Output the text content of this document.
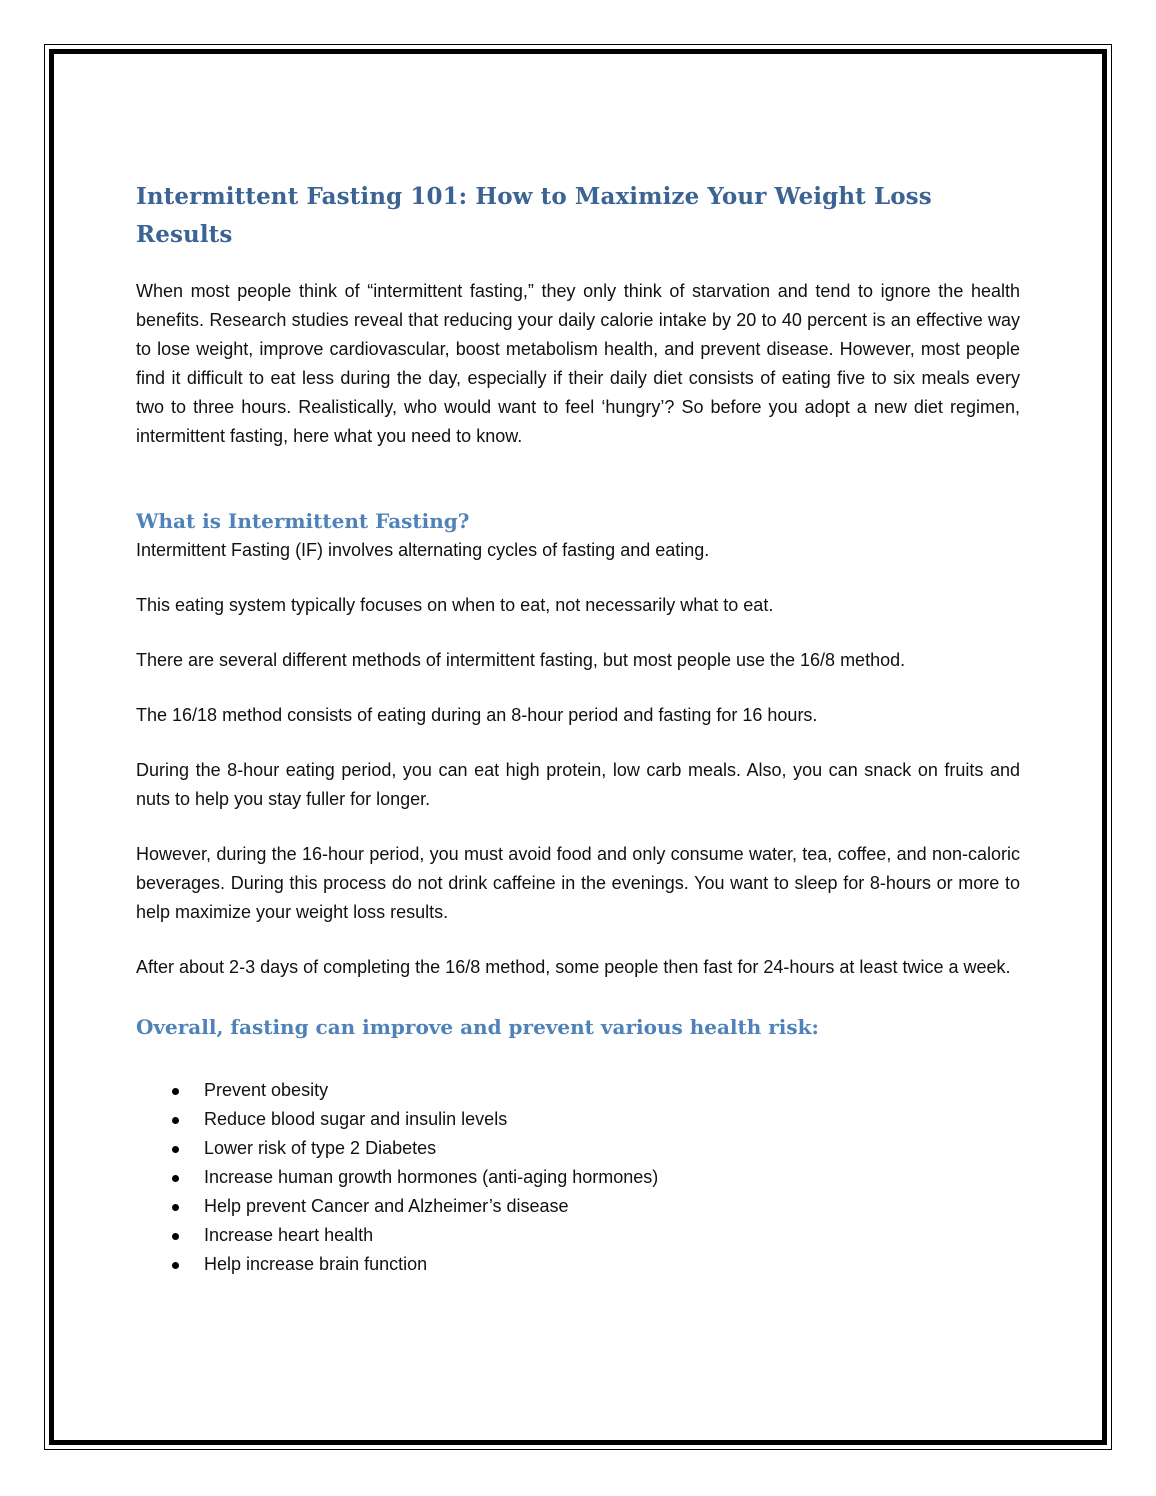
Intermittent Fasting 101: How to Maximize Your Weight Loss Results

When most people think of “intermittent fasting,” they only think of starvation and tend to ignore the health benefits. Research studies reveal that reducing your daily calorie intake by 20 to 40 percent is an effective way to lose weight, improve cardiovascular, boost metabolism health, and prevent disease. However, most people find it difficult to eat less during the day, especially if their daily diet consists of eating five to six meals every two to three hours. Realistically, who would want to feel ‘hungry’? So before you adopt a new diet regimen, intermittent fasting, here what you need to know.

What is Intermittent Fasting?

Intermittent Fasting (IF) involves alternating cycles of fasting and eating.

This eating system typically focuses on when to eat, not necessarily what to eat.

There are several different methods of intermittent fasting, but most people use the 16/8 method.

The 16/18 method consists of eating during an 8-hour period and fasting for 16 hours.

During the 8-hour eating period, you can eat high protein, low carb meals. Also, you can snack on fruits and nuts to help you stay fuller for longer.

However, during the 16-hour period, you must avoid food and only consume water, tea, coffee, and non-caloric beverages. During this process do not drink caffeine in the evenings. You want to sleep for 8-hours or more to help maximize your weight loss results.

After about 2-3 days of completing the 16/8 method, some people then fast for 24-hours at least twice a week.

Overall, fasting can improve and prevent various health risk:
Prevent obesity
Reduce blood sugar and insulin levels
Lower risk of type 2 Diabetes
Increase human growth hormones (anti-aging hormones)
Help prevent Cancer and Alzheimer’s disease
Increase heart health
Help increase brain function
